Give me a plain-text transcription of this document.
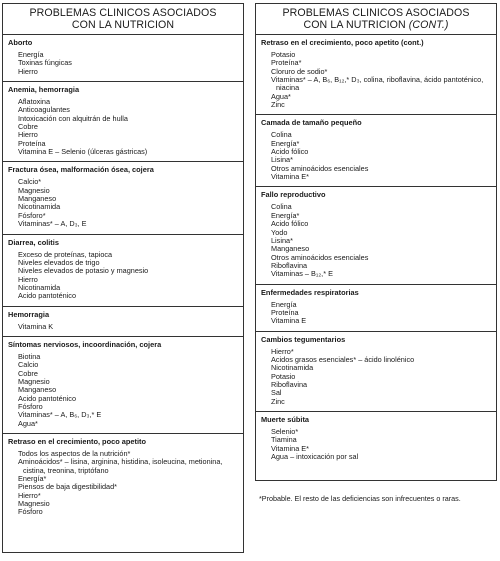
PROBLEMAS CLINICOS ASOCIADOS
CON LA NUTRICION
Aborto
Energía
Toxinas fúngicas
Hierro
Anemia, hemorragia
Aflatoxina
Anticoagulantes
Intoxicación con alquitrán de hulla
Cobre
Hierro
Proteína
Vitamina E – Selenio (úlceras gástricas)
Fractura ósea, malformación ósea, cojera
Calcio*
Magnesio
Manganeso
Nicotinamida
Fósforo*
Vitaminas* – A, D₃, E
Diarrea, colitis
Exceso de proteínas, tapioca
Niveles elevados de trigo
Niveles elevados de potasio y magnesio
Hierro
Nicotinamida
Acido pantoténico
Hemorragia
Vitamina K
Síntomas nerviosos, incoordinación, cojera
Biotina
Calcio
Cobre
Magnesio
Manganeso
Acido pantoténico
Fósforo
Vitaminas* – A, B₆, D₃,* E
Agua*
Retraso en el crecimiento, poco apetito
Todos los aspectos de la nutrición*
Aminoácidos* – lisina, arginina, histidina, isoleucina, metionina, cistina, treonina, triptófano
Energía*
Piensos de baja digestibilidad*
Hierro*
Magnesio
Fósforo
PROBLEMAS CLINICOS ASOCIADOS
CON LA NUTRICION (CONT.)
Retraso en el crecimiento, poco apetito (cont.)
Potasio
Proteína*
Cloruro de sodio*
Vitaminas* – A, B₆, B₁₂,* D₃, colina, riboflavina, ácido pantoténico, niacina
Agua*
Zinc
Camada de tamaño pequeño
Colina
Energía*
Acido fólico
Lisina*
Otros aminoácidos esenciales
Vitamina E*
Fallo reproductivo
Colina
Energía*
Acido fólico
Yodo
Lisina*
Manganeso
Otros aminoácidos esenciales
Riboflavina
Vitaminas – B₁₂,* E
Enfermedades respiratorias
Energía
Proteína
Vitamina E
Cambios tegumentarios
Hierro*
Acidos grasos esenciales* – ácido linolénico
Nicotinamida
Potasio
Riboflavina
Sal
Zinc
Muerte súbita
Selenio*
Tiamina
Vitamina E*
Agua – intoxicación por sal
*Probable. El resto de las deficiencias son infrecuentes o raras.
